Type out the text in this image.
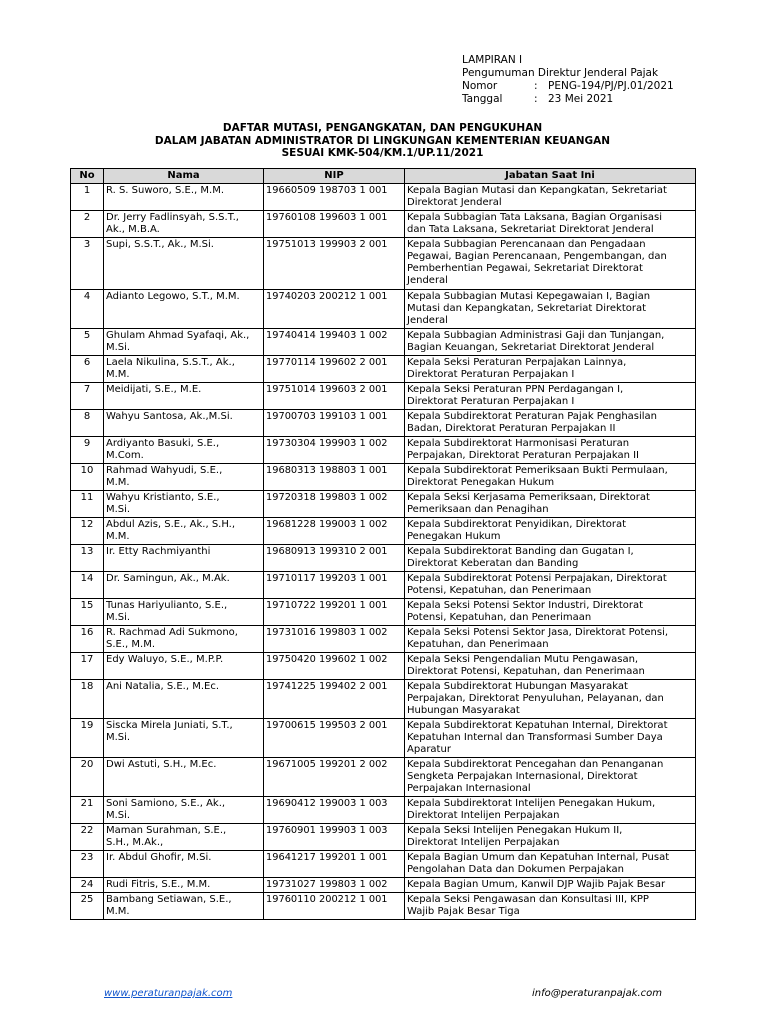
LAMPIRAN I
Pengumuman Direktur Jenderal Pajak
Nomor	: PENG-194/PJ/PJ.01/2021
Tanggal	: 23 Mei 2021
DAFTAR MUTASI, PENGANGKATAN, DAN PENGUKUHAN
DALAM JABATAN ADMINISTRATOR DI LINGKUNGAN KEMENTERIAN KEUANGAN
SESUAI KMK-504/KM.1/UP.11/2021
No	Nama	NIP	Jabatan Saat Ini
1	R. S. Suworo, S.E., M.M.	19660509 198703 1 001	Kepala Bagian Mutasi dan Kepangkatan, Sekretariat
Direktorat Jenderal
2	Dr. Jerry Fadlinsyah, S.S.T.,
Ak., M.B.A.	19760108 199603 1 001	Kepala Subbagian Tata Laksana, Bagian Organisasi
dan Tata Laksana, Sekretariat Direktorat Jenderal
3	Supi, S.S.T., Ak., M.Si.	19751013 199903 2 001	Kepala Subbagian Perencanaan dan Pengadaan
Pegawai, Bagian Perencanaan, Pengembangan, dan
Pemberhentian Pegawai, Sekretariat Direktorat
Jenderal
4	Adianto Legowo, S.T., M.M.	19740203 200212 1 001	Kepala Subbagian Mutasi Kepegawaian I, Bagian
Mutasi dan Kepangkatan, Sekretariat Direktorat
Jenderal
5	Ghulam Ahmad Syafaqi, Ak.,
M.Si.	19740414 199403 1 002	Kepala Subbagian Administrasi Gaji dan Tunjangan,
Bagian Keuangan, Sekretariat Direktorat Jenderal
6	Laela Nikulina, S.S.T., Ak.,
M.M.	19770114 199602 2 001	Kepala Seksi Peraturan Perpajakan Lainnya,
Direktorat Peraturan Perpajakan I
7	Meidijati, S.E., M.E.	19751014 199603 2 001	Kepala Seksi Peraturan PPN Perdagangan I,
Direktorat Peraturan Perpajakan I
8	Wahyu Santosa, Ak.,M.Si.	19700703 199103 1 001	Kepala Subdirektorat Peraturan Pajak Penghasilan
Badan, Direktorat Peraturan Perpajakan II
9	Ardiyanto Basuki, S.E.,
M.Com.	19730304 199903 1 002	Kepala Subdirektorat Harmonisasi Peraturan
Perpajakan, Direktorat Peraturan Perpajakan II
10	Rahmad Wahyudi, S.E.,
M.M.	19680313 198803 1 001	Kepala Subdirektorat Pemeriksaan Bukti Permulaan,
Direktorat Penegakan Hukum
11	Wahyu Kristianto, S.E.,
M.Si.	19720318 199803 1 002	Kepala Seksi Kerjasama Pemeriksaan, Direktorat
Pemeriksaan dan Penagihan
12	Abdul Azis, S.E., Ak., S.H.,
M.M.	19681228 199003 1 002	Kepala Subdirektorat Penyidikan, Direktorat
Penegakan Hukum
13	Ir. Etty Rachmiyanthi	19680913 199310 2 001	Kepala Subdirektorat Banding dan Gugatan I,
Direktorat Keberatan dan Banding
14	Dr. Samingun, Ak., M.Ak.	19710117 199203 1 001	Kepala Subdirektorat Potensi Perpajakan, Direktorat
Potensi, Kepatuhan, dan Penerimaan
15	Tunas Hariyulianto, S.E.,
M.Si.	19710722 199201 1 001	Kepala Seksi Potensi Sektor Industri, Direktorat
Potensi, Kepatuhan, dan Penerimaan
16	R. Rachmad Adi Sukmono,
S.E., M.M.	19731016 199803 1 002	Kepala Seksi Potensi Sektor Jasa, Direktorat Potensi,
Kepatuhan, dan Penerimaan
17	Edy Waluyo, S.E., M.P.P.	19750420 199602 1 002	Kepala Seksi Pengendalian Mutu Pengawasan,
Direktorat Potensi, Kepatuhan, dan Penerimaan
18	Ani Natalia, S.E., M.Ec.	19741225 199402 2 001	Kepala Subdirektorat Hubungan Masyarakat
Perpajakan, Direktorat Penyuluhan, Pelayanan, dan
Hubungan Masyarakat
19	Siscka Mirela Juniati, S.T.,
M.Si.	19700615 199503 2 001	Kepala Subdirektorat Kepatuhan Internal, Direktorat
Kepatuhan Internal dan Transformasi Sumber Daya
Aparatur
20	Dwi Astuti, S.H., M.Ec.	19671005 199201 2 002	Kepala Subdirektorat Pencegahan dan Penanganan
Sengketa Perpajakan Internasional, Direktorat
Perpajakan Internasional
21	Soni Samiono, S.E., Ak.,
M.Si.	19690412 199003 1 003	Kepala Subdirektorat Intelijen Penegakan Hukum,
Direktorat Intelijen Perpajakan
22	Maman Surahman, S.E.,
S.H., M.Ak.,	19760901 199903 1 003	Kepala Seksi Intelijen Penegakan Hukum II,
Direktorat Intelijen Perpajakan
23	Ir. Abdul Ghofir, M.Si.	19641217 199201 1 001	Kepala Bagian Umum dan Kepatuhan Internal, Pusat
Pengolahan Data dan Dokumen Perpajakan
24	Rudi Fitris, S.E., M.M.	19731027 199803 1 002	Kepala Bagian Umum, Kanwil DJP Wajib Pajak Besar
25	Bambang Setiawan, S.E.,
M.M.	19760110 200212 1 001	Kepala Seksi Pengawasan dan Konsultasi III, KPP
Wajib Pajak Besar Tiga
www.peraturanpajak.com	info@peraturanpajak.com
